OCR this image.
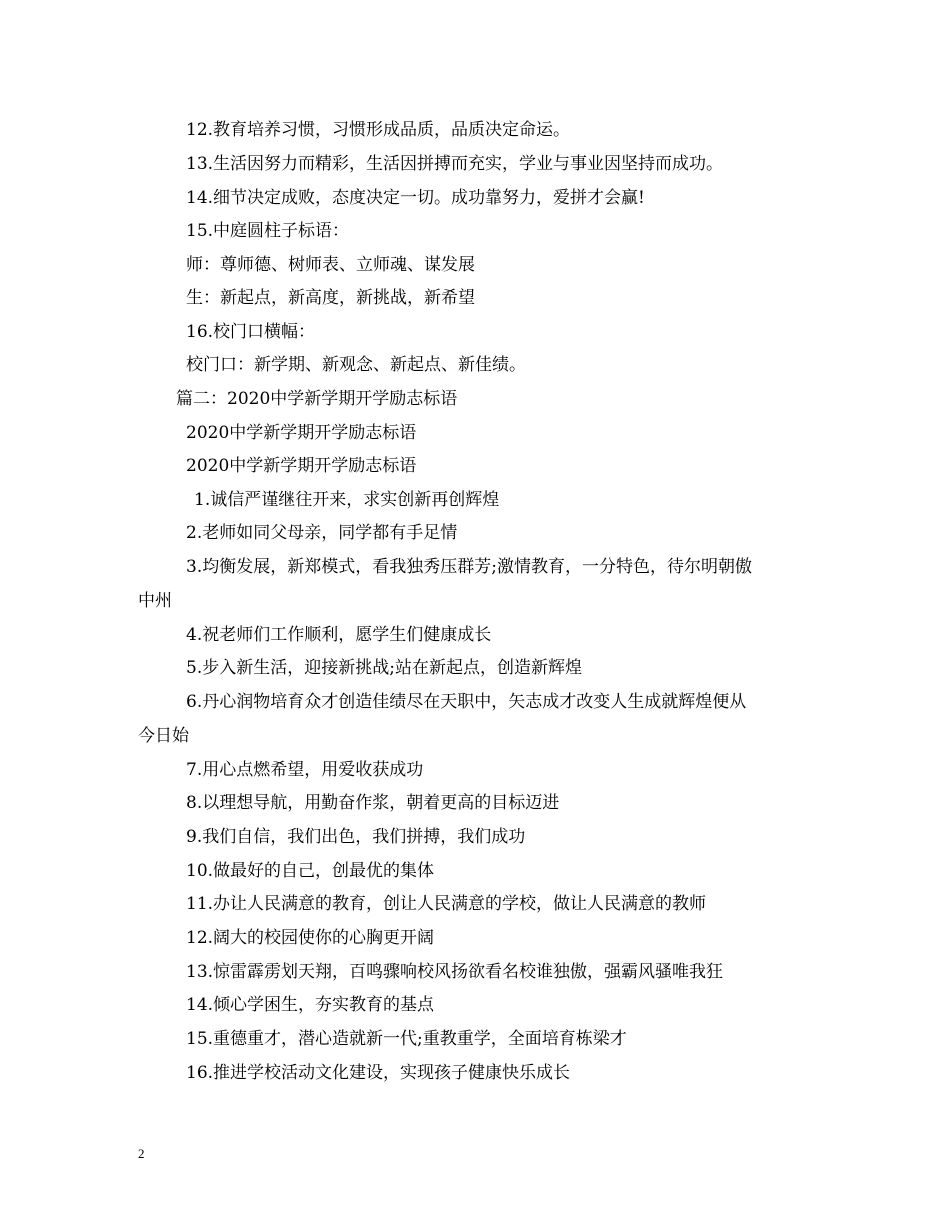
12.教育培养习惯，习惯形成品质，品质决定命运。
13.生活因努力而精彩，生活因拼搏而充实，学业与事业因坚持而成功。
14.细节决定成败，态度决定一切。成功靠努力，爱拼才会赢!
15.中庭圆柱子标语：
师：尊师德、树师表、立师魂、谋发展
生：新起点，新高度，新挑战，新希望
16.校门口横幅：
校门口：新学期、新观念、新起点、新佳绩。
篇二：2020中学新学期开学励志标语
2020中学新学期开学励志标语
2020中学新学期开学励志标语
1.诚信严谨继往开来，求实创新再创辉煌
2.老师如同父母亲，同学都有手足情
3.均衡发展，新郑模式，看我独秀压群芳;激情教育，一分特色，待尔明朝傲
中州
4.祝老师们工作顺利，愿学生们健康成长
5.步入新生活，迎接新挑战;站在新起点，创造新辉煌
6.丹心润物培育众才创造佳绩尽在天职中，矢志成才改变人生成就辉煌便从
今日始
7.用心点燃希望，用爱收获成功
8.以理想导航，用勤奋作浆，朝着更高的目标迈进
9.我们自信，我们出色，我们拼搏，我们成功
10.做最好的自己，创最优的集体
11.办让人民满意的教育，创让人民满意的学校，做让人民满意的教师
12.阔大的校园使你的心胸更开阔
13.惊雷霹雳划天翔，百鸣骤响校风扬欲看名校谁独傲，强霸风骚唯我狂
14.倾心学困生，夯实教育的基点
15.重德重才，潜心造就新一代;重教重学，全面培育栋梁才
16.推进学校活动文化建设，实现孩子健康快乐成长
2
